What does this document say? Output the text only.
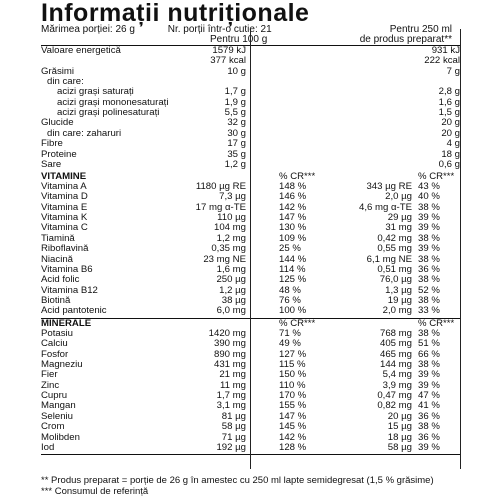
Informații nutriționale
Mărimea porției: 26 g	Nr. porții într-o cutie: 21
Pentru 100 g
Pentru 250 ml
de produs preparat**
Valoare energetică	1579 kJ	931 kJ
377 kcal	222 kcal
Grăsimi	10 g	7 g
din care:
acizi grași saturați	1,7 g	2,8 g
acizi grași mononesaturați	1,9 g	1,6 g
acizi grași polinesaturați	5,5 g	1,5 g
Glucide	32 g	20 g
din care: zaharuri	30 g	20 g
Fibre	17 g	4 g
Proteine	35 g	18 g
Sare	1,2 g	0,6 g
VITAMINE	% CR***	% CR***
Vitamina A	1180 µg RE	148 %	343 µg RE 43 %
Vitamina D	7,3 µg	146 %	2,0 µg 40 %
Vitamina E	17 mg α-TE	142 %	4,6 mg α-TE 38 %
Vitamina K	110 µg	147 %	29 µg 39 %
Vitamina C	104 mg	130 %	31 mg 39 %
Tiamină	1,2 mg	109 %	0,42 mg 38 %
Riboflavină	0,35 mg	25 %	0,55 mg 39 %
Niacină	23 mg NE	144 %	6,1 mg NE 38 %
Vitamina B6	1,6 mg	114 %	0,51 mg 36 %
Acid folic	250 µg	125 %	76,0 µg 38 %
Vitamina B12	1,2 µg	48 %	1,3 µg 52 %
Biotină	38 µg	76 %	19 µg 38 %
Acid pantotenic	6,0 mg	100 %	2,0 mg 33 %
MINERALE	% CR***	% CR***
Potasiu	1420 mg	71 %	768 mg 38 %
Calciu	390 mg	49 %	405 mg 51 %
Fosfor	890 mg	127 %	465 mg 66 %
Magneziu	431 mg	115 %	144 mg 38 %
Fier	21 mg	150 %	5,4 mg 39 %
Zinc	11 mg	110 %	3,9 mg 39 %
Cupru	1,7 mg	170 %	0,47 mg 47 %
Mangan	3,1 mg	155 %	0,82 mg 41 %
Seleniu	81 µg	147 %	20 µg 36 %
Crom	58 µg	145 %	15 µg 38 %
Molibden	71 µg	142 %	18 µg 36 %
Iod	192 µg	128 %	58 µg 39 %
** Produs preparat = porție de 26 g în amestec cu 250 ml lapte semidegresat (1,5 % grăsime)
*** Consumul de referință
